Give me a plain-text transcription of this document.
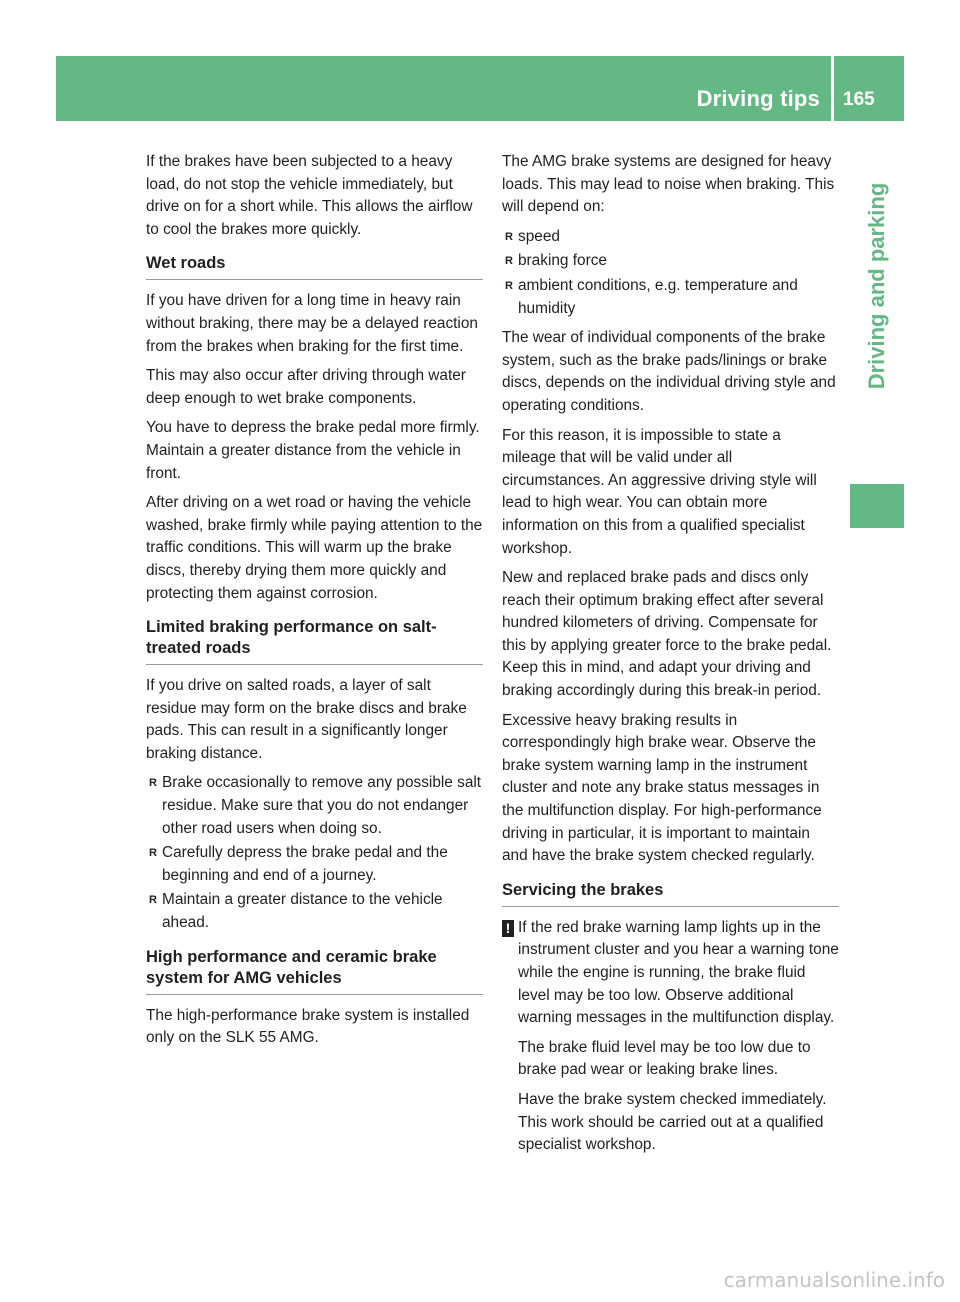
Driving tips 165
Driving and parking

If the brakes have been subjected to a heavy load, do not stop the vehicle immediately, but drive on for a short while. This allows the airflow to cool the brakes more quickly.

Wet roads

If you have driven for a long time in heavy rain without braking, there may be a delayed reaction from the brakes when braking for the first time.

This may also occur after driving through water deep enough to wet brake components.

You have to depress the brake pedal more firmly. Maintain a greater distance from the vehicle in front.

After driving on a wet road or having the vehicle washed, brake firmly while paying attention to the traffic conditions. This will warm up the brake discs, thereby drying them more quickly and protecting them against corrosion.

Limited braking performance on salt-treated roads

If you drive on salted roads, a layer of salt residue may form on the brake discs and brake pads. This can result in a significantly longer braking distance.

R Brake occasionally to remove any possible salt residue. Make sure that you do not endanger other road users when doing so.
R Carefully depress the brake pedal and the beginning and end of a journey.
R Maintain a greater distance to the vehicle ahead.
High performance and ceramic brake system for AMG vehicles

The high-performance brake system is installed only on the SLK 55 AMG.

The AMG brake systems are designed for heavy loads. This may lead to noise when braking. This will depend on:

R speed
R braking force
R ambient conditions, e.g. temperature and humidity

The wear of individual components of the brake system, such as the brake pads/linings or brake discs, depends on the individual driving style and operating conditions.

For this reason, it is impossible to state a mileage that will be valid under all circumstances. An aggressive driving style will lead to high wear. You can obtain more information on this from a qualified specialist workshop.

New and replaced brake pads and discs only reach their optimum braking effect after several hundred kilometers of driving. Compensate for this by applying greater force to the brake pedal. Keep this in mind, and adapt your driving and braking accordingly during this break-in period.

Excessive heavy braking results in correspondingly high brake wear. Observe the brake system warning lamp in the instrument cluster and note any brake status messages in the multifunction display. For high-performance driving in particular, it is important to maintain and have the brake system checked regularly.

Servicing the brakes
! If the red brake warning lamp lights up in the instrument cluster and you hear a warning tone while the engine is running, the brake fluid level may be too low. Observe additional warning messages in the multifunction display.

The brake fluid level may be too low due to brake pad wear or leaking brake lines.

Have the brake system checked immediately. This work should be carried out at a qualified specialist workshop.

carmanualsonline.info
